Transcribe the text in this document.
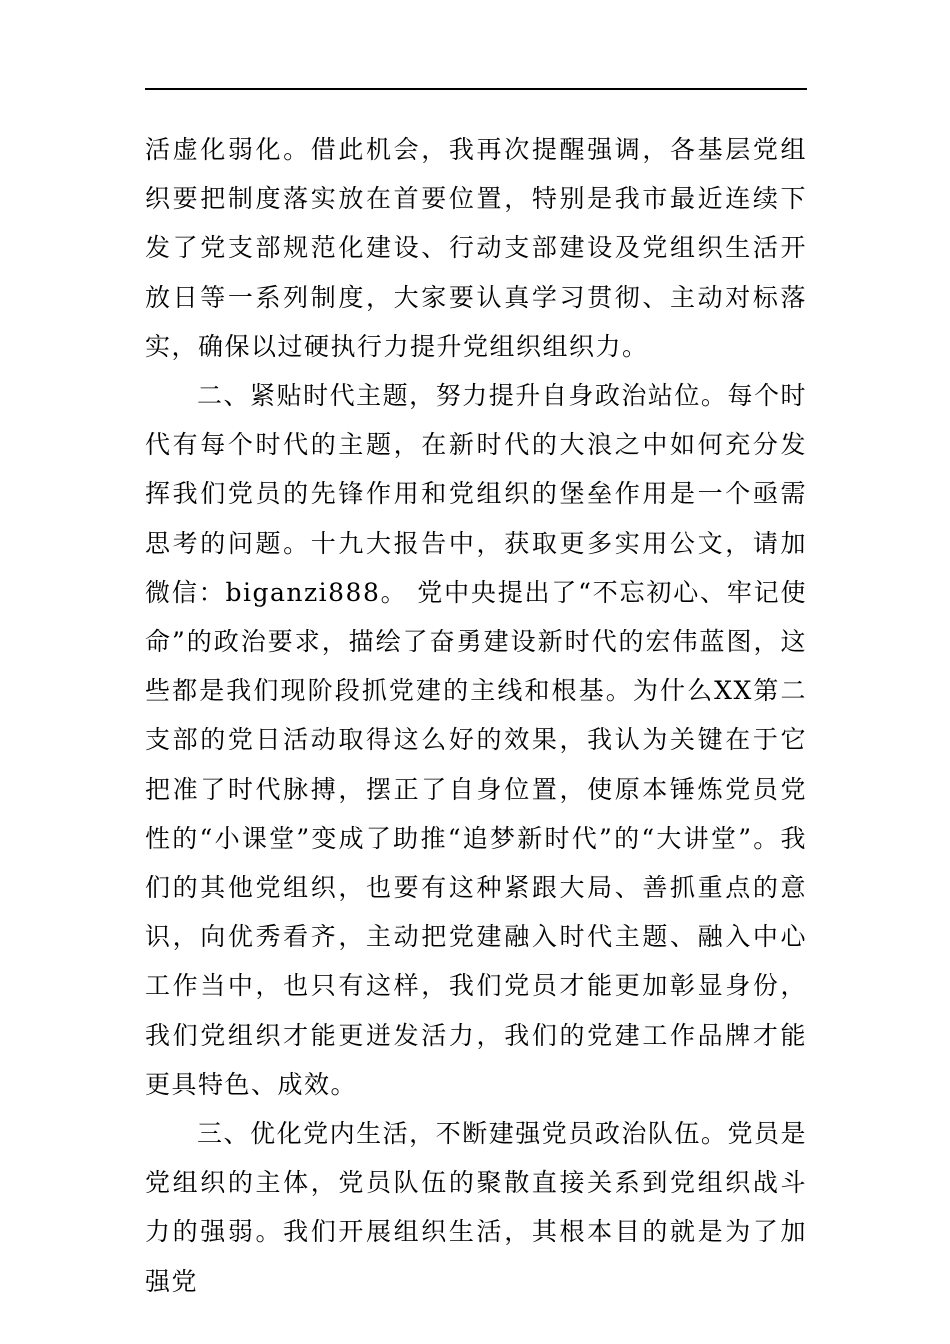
活虚化弱化。借此机会，我再次提醒强调，各基层党组织要把制度落实放在首要位置，特别是我市最近连续下发了党支部规范化建设、行动支部建设及党组织生活开放日等一系列制度，大家要认真学习贯彻、主动对标落实，确保以过硬执行力提升党组织组织力。

二、紧贴时代主题，努力提升自身政治站位。每个时代有每个时代的主题，在新时代的大浪之中如何充分发挥我们党员的先锋作用和党组织的堡垒作用是一个亟需思考的问题。十九大报告中，获取更多实用公文，请加微信：biganzi888。 党中央提出了“不忘初心、牢记使命”的政治要求，描绘了奋勇建设新时代的宏伟蓝图，这些都是我们现阶段抓党建的主线和根基。为什么XX第二支部的党日活动取得这么好的效果，我认为关键在于它把准了时代脉搏，摆正了自身位置，使原本锤炼党员党性的“小课堂”变成了助推“追梦新时代”的“大讲堂”。我们的其他党组织，也要有这种紧跟大局、善抓重点的意识，向优秀看齐，主动把党建融入时代主题、融入中心工作当中，也只有这样，我们党员才能更加彰显身份，我们党组织才能更迸发活力，我们的党建工作品牌才能更具特色、成效。

三、优化党内生活，不断建强党员政治队伍。党员是党组织的主体，党员队伍的聚散直接关系到党组织战斗力的强弱。我们开展组织生活，其根本目的就是为了加强党
